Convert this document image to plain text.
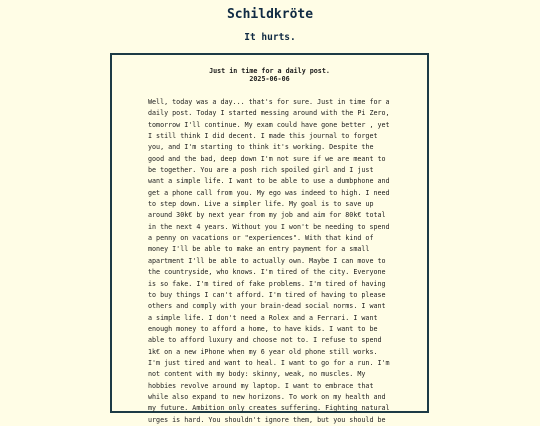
Schildkröte
It hurts.
Just in time for a daily post.
2025-06-06

Well, today was a day... that's for sure. Just in time for a
daily post. Today I started messing around with the Pi Zero,
tomorrow I'll continue. My exam could have gone better , yet
I still think I did decent. I made this journal to forget
you, and I'm starting to think it's working. Despite the
good and the bad, deep down I'm not sure if we are meant to
be together. You are a posh rich spoiled girl and I just
want a simple life. I want to be able to use a dumbphone and
get a phone call from you. My ego was indeed to high. I need
to step down. Live a simpler life. My goal is to save up
around 30k€ by next year from my job and aim for 80k€ total
in the next 4 years. Without you I won't be needing to spend
a penny on vacations or "experiences". With that kind of
money I'll be able to make an entry payment for a small
apartment I'll be able to actually own. Maybe I can move to
the countryside, who knows. I'm tired of the city. Everyone
is so fake. I'm tired of fake problems. I'm tired of having
to buy things I can't afford. I'm tired of having to please
others and comply with your brain-dead social norms. I want
a simple life. I don't need a Rolex and a Ferrari. I want
enough money to afford a home, to have kids. I want to be
able to afford luxury and choose not to. I refuse to spend
1k€ on a new iPhone when my 6 year old phone still works.
I'm just tired and want to heal. I want to go for a run. I'm
not content with my body: skinny, weak, no muscles. My
hobbies revolve around my laptop. I want to embrace that
while also expand to new horizons. To work on my health and
my future. Ambition only creates suffering. Fighting natural
urges is hard. You shouldn't ignore them, but you should be
